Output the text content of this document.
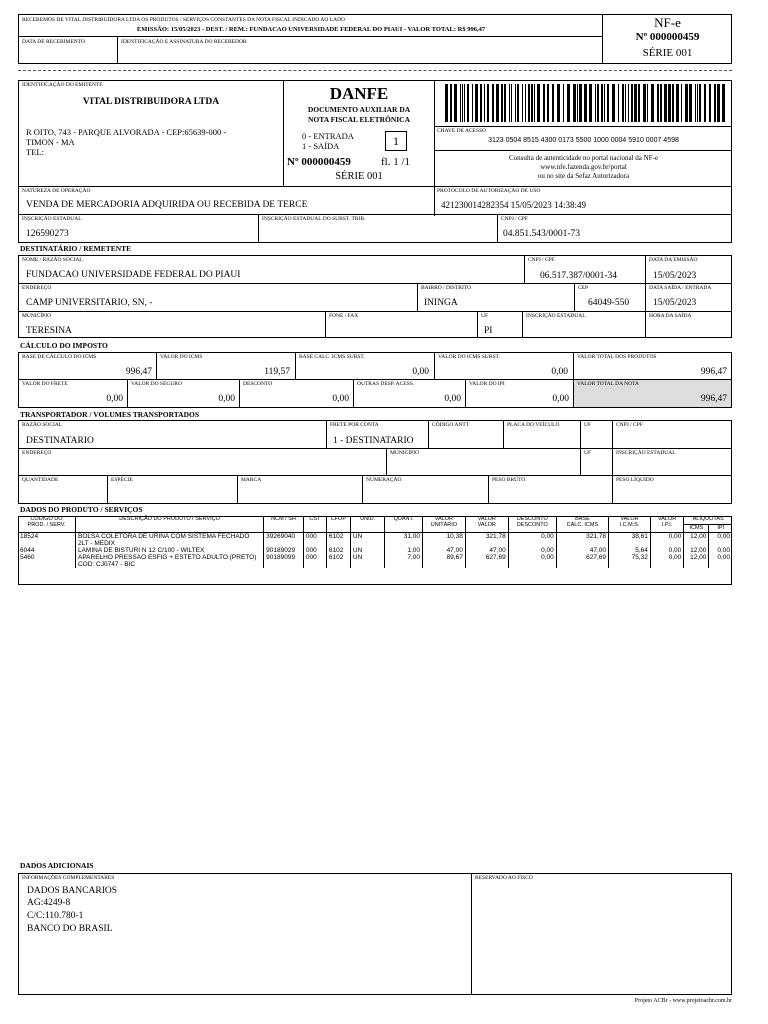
RECEBEMOS DE VITAL DISTRIBUIDORA LTDA OS PRODUTOS / SERVIÇOS CONSTANTES DA NOTA FISCAL INDICADO AO LADO
EMISSÃO: 15/05/2023 - DEST. / REM.: FUNDACAO UNIVERSIDADE FEDERAL DO PIAUI - VALOR TOTAL: R$ 996,47
DATA DE RECEBIMENTO	IDENTIFICAÇÃO E ASSINATURA DO RECEBEDOR
NF-e
Nº 000000459
SÉRIE 001
IDENTIFICAÇÃO DO EMITENTE
VITAL DISTRIBUIDORA LTDA
R OITO, 743 - PARQUE ALVORADA - CEP:65639-000 -
TIMON - MA
TEL:
DANFE
DOCUMENTO AUXILIAR DA
NOTA FISCAL ELETRÔNICA
0 - ENTRADA
1 - SAÍDA	1
Nº 000000459	fl. 1 /1
SÉRIE 001
CHAVE DE ACESSO
3123 0504 8515 4300 0173 5500 1000 0004 5910 0007 4598
Consulta de autenticidade no portal nacional da NF-e
www.nfe.fazenda.gov.br/portal
ou no site da Sefaz Autorizadora
NATUREZA DE OPERAÇÃO
VENDA DE MERCADORIA ADQUIRIDA OU RECEBIDA DE TERCE
PROTOCOLO DE AUTORIZAÇÃO DE USO
421230014282354 15/05/2023 14:38:49
INSCRIÇÃO ESTADUAL
126590273
INSCRIÇÃO ESTADUAL DO SUBST. TRIB.	CNPJ / CPF
04.851.543/0001-73
DESTINATÁRIO / REMETENTE
NOME / RAZÃO SOCIAL
FUNDACAO UNIVERSIDADE FEDERAL DO PIAUI
CNPJ / CPF
06.517.387/0001-34
DATA DA EMISSÃO
15/05/2023
ENDEREÇO
CAMP UNIVERSITARIO, SN, -
BAIRRO / DISTRITO
ININGA
CEP
64049-550
DATA SAÍDA / ENTRADA
15/05/2023
MUNICÍPIO
TERESINA
FONE / FAX	UF
PI
INSCRIÇÃO ESTADUAL	HORA DA SAÍDA
CÁLCULO DO IMPOSTO
BASE DE CÁLCULO DO ICMS
996,47
VALOR DO ICMS
119,57
BASE CALC. ICMS SUBST.
0,00
VALOR DO ICMS SUBST.
0,00
VALOR TOTAL DOS PRODUTOS
996,47
VALOR DO FRETE
0,00
VALOR DO SEGURO
0,00
DESCONTO
0,00
OUTRAS DESP. ACESS.
0,00
VALOR DO IPI
0,00
VALOR TOTAL DA NOTA
996,47
TRANSPORTADOR / VOLUMES TRANSPORTADOS
RAZÃO SOCIAL
DESTINATARIO
FRETE POR CONTA
1 - DESTINATARIO
CÓDIGO ANTT	PLACA DO VEÍCULO	UF	CNPJ / CPF
ENDEREÇO	MUNICÍPIO	UF	INSCRIÇÃO ESTADUAL
QUANTIDADE	ESPÉCIE	MARCA	NUMERAÇÃO	PESO BRUTO	PESO LÍQUIDO
DADOS DO PRODUTO / SERVIÇOS
CÓDIGO DO
PROD. / SERV.	DESCRIÇÃO DO PRODUTO / SERVIÇO	NCM / SH	CST	CFOP	UNID.	QUANT.	VALOR
UNITÁRIO	VALOR
VALOR	DESCONTO
DESCONTO	BASE
CÁLC. ICMS	VALOR
I.C.M.S.	VALOR
I.P.I.	ALÍQUOTAS	
													ICMS	IPI
18524	BOLSA COLETORA DE URINA COM SISTEMA FECHADO 2LT - MEDIX	39269040	000	6102	UN	31,00	10,38	321,78	0,00	321,78	38,61	0,00	12,00	0,00
6044	LAMINA DE BISTURI N 12 C/100 - WILTEX	90189029	000	6102	UN	1,00	47,00	47,00	0,00	47,00	5,64	0,00	12,00	0,00
5460	APARELHO PRESSAO ESFIG + ESTETO ADULTO (PRETO) COD: CJ0747 - BIC	90189099	000	6102	UN	7,00	89,67	627,69	0,00	627,69	75,32	0,00	12,00	0,00
DADOS ADICIONAIS
INFORMAÇÕES COMPLEMENTARES	RESERVADO AO FISCO
DADOS BANCARIOS
AG:4249-8
C/C:110.780-1
BANCO DO BRASIL
Projeto ACBr - www.projetoacbr.com.br
